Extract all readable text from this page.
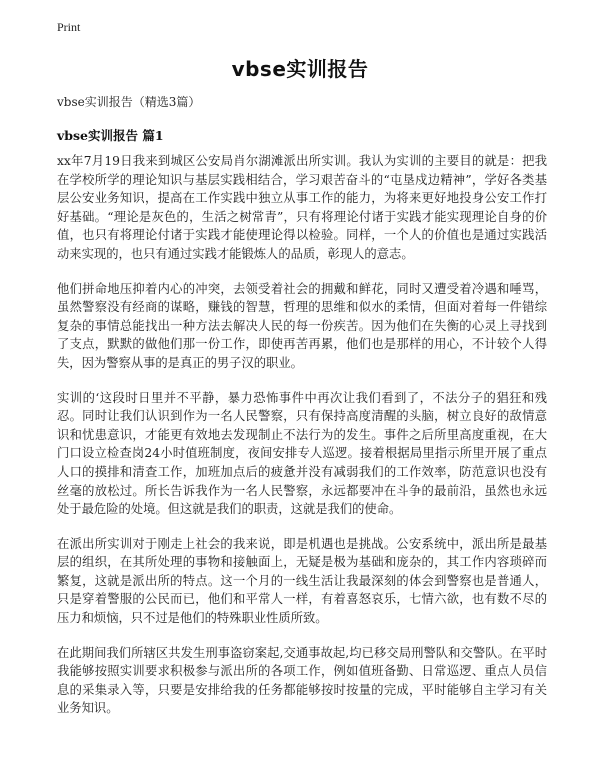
Print
vbse实训报告
vbse实训报告（精选3篇）
vbse实训报告 篇1

xx年7月19日我来到城区公安局肖尔湖滩派出所实训。我认为实训的主要目的就是：把我在学校所学的理论知识与基层实践相结合，学习艰苦奋斗的“屯垦戍边精神”，学好各类基层公安业务知识，提高在工作实践中独立从事工作的能力，为将来更好地投身公安工作打好基础。“理论是灰色的，生活之树常青”，只有将理论付诸于实践才能实现理论自身的价值，也只有将理论付诸于实践才能使理论得以检验。同样，一个人的价值也是通过实践活动来实现的，也只有通过实践才能锻炼人的品质，彰现人的意志。

他们拼命地压抑着内心的冲突，去领受着社会的拥戴和鲜花，同时又遭受着冷遇和唾骂，虽然警察没有经商的谋略，赚钱的智慧，哲理的思维和似水的柔情，但面对着每一件错综复杂的事情总能找出一种方法去解决人民的每一份疾苦。因为他们在失衡的心灵上寻找到了支点，默默的做他们那一份工作，即使再苦再累，他们也是那样的用心，不计较个人得失，因为警察从事的是真正的男子汉的职业。

实训的‘这段时日里并不平静，暴力恐怖事件中再次让我们看到了，不法分子的猖狂和残忍。同时让我们认识到作为一名人民警察，只有保持高度清醒的头脑，树立良好的敌情意识和忧患意识，才能更有效地去发现制止不法行为的发生。事件之后所里高度重视，在大门口设立检查岗24小时值班制度，夜间安排专人巡逻。接着根据局里指示所里开展了重点人口的摸排和清查工作，加班加点后的疲惫并没有减弱我们的工作效率，防范意识也没有丝毫的放松过。所长告诉我作为一名人民警察，永远都要冲在斗争的最前沿，虽然也永远处于最危险的处境。但这就是我们的职责，这就是我们的使命。

在派出所实训对于刚走上社会的我来说，即是机遇也是挑战。公安系统中，派出所是最基层的组织，在其所处理的事物和接触面上，无疑是极为基础和庞杂的，其工作内容琐碎而繁复，这就是派出所的特点。这一个月的一线生活让我最深刻的体会到警察也是普通人，只是穿着警服的公民而已，他们和平常人一样，有着喜怒哀乐，七情六欲，也有数不尽的压力和烦恼，只不过是他们的特殊职业性质所致。

在此期间我们所辖区共发生刑事盗窃案起,交通事故起,均已移交局刑警队和交警队。在平时我能够按照实训要求积极参与派出所的各项工作，例如值班备勤、日常巡逻、重点人员信息的采集录入等，只要是安排给我的任务都能够按时按量的完成，平时能够自主学习有关业务知识。
